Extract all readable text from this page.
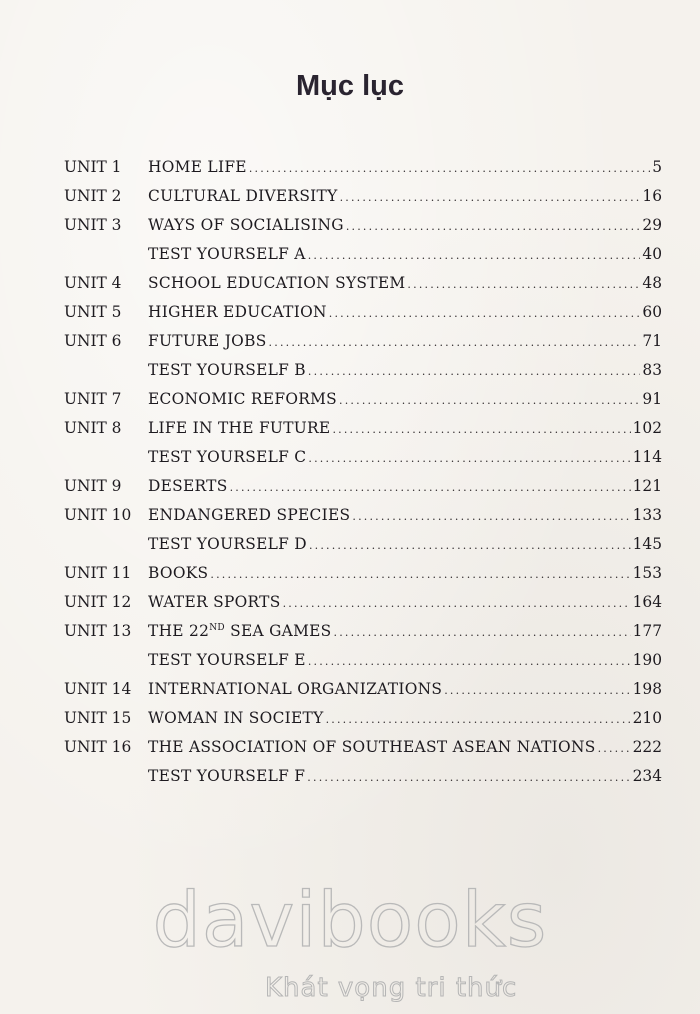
Mục lục
UNIT 1	HOME LIFE .....	5
UNIT 2	CULTURAL DIVERSITY .....	16
UNIT 3	WAYS OF SOCIALISING .....	29
TEST YOURSELF A .....	40
UNIT 4	SCHOOL EDUCATION SYSTEM .....	48
UNIT 5	HIGHER EDUCATION .....	60
UNIT 6	FUTURE JOBS .....	71
TEST YOURSELF B .....	83
UNIT 7	ECONOMIC REFORMS .....	91
UNIT 8	LIFE IN THE FUTURE .....	102
TEST YOURSELF C .....	114
UNIT 9	DESERTS .....	121
UNIT 10	ENDANGERED SPECIES .....	133
TEST YOURSELF D .....	145
UNIT 11	BOOKS .....	153
UNIT 12	WATER SPORTS .....	164
UNIT 13	THE 22ND SEA GAMES .....	177
TEST YOURSELF E .....	190
UNIT 14	INTERNATIONAL ORGANIZATIONS .....	198
UNIT 15	WOMAN IN SOCIETY .....	210
UNIT 16	THE ASSOCIATION OF SOUTHEAST ASEAN NATIONS ..... 222
TEST YOURSELF F .....	234
davibooks
Khát vọng tri thức
